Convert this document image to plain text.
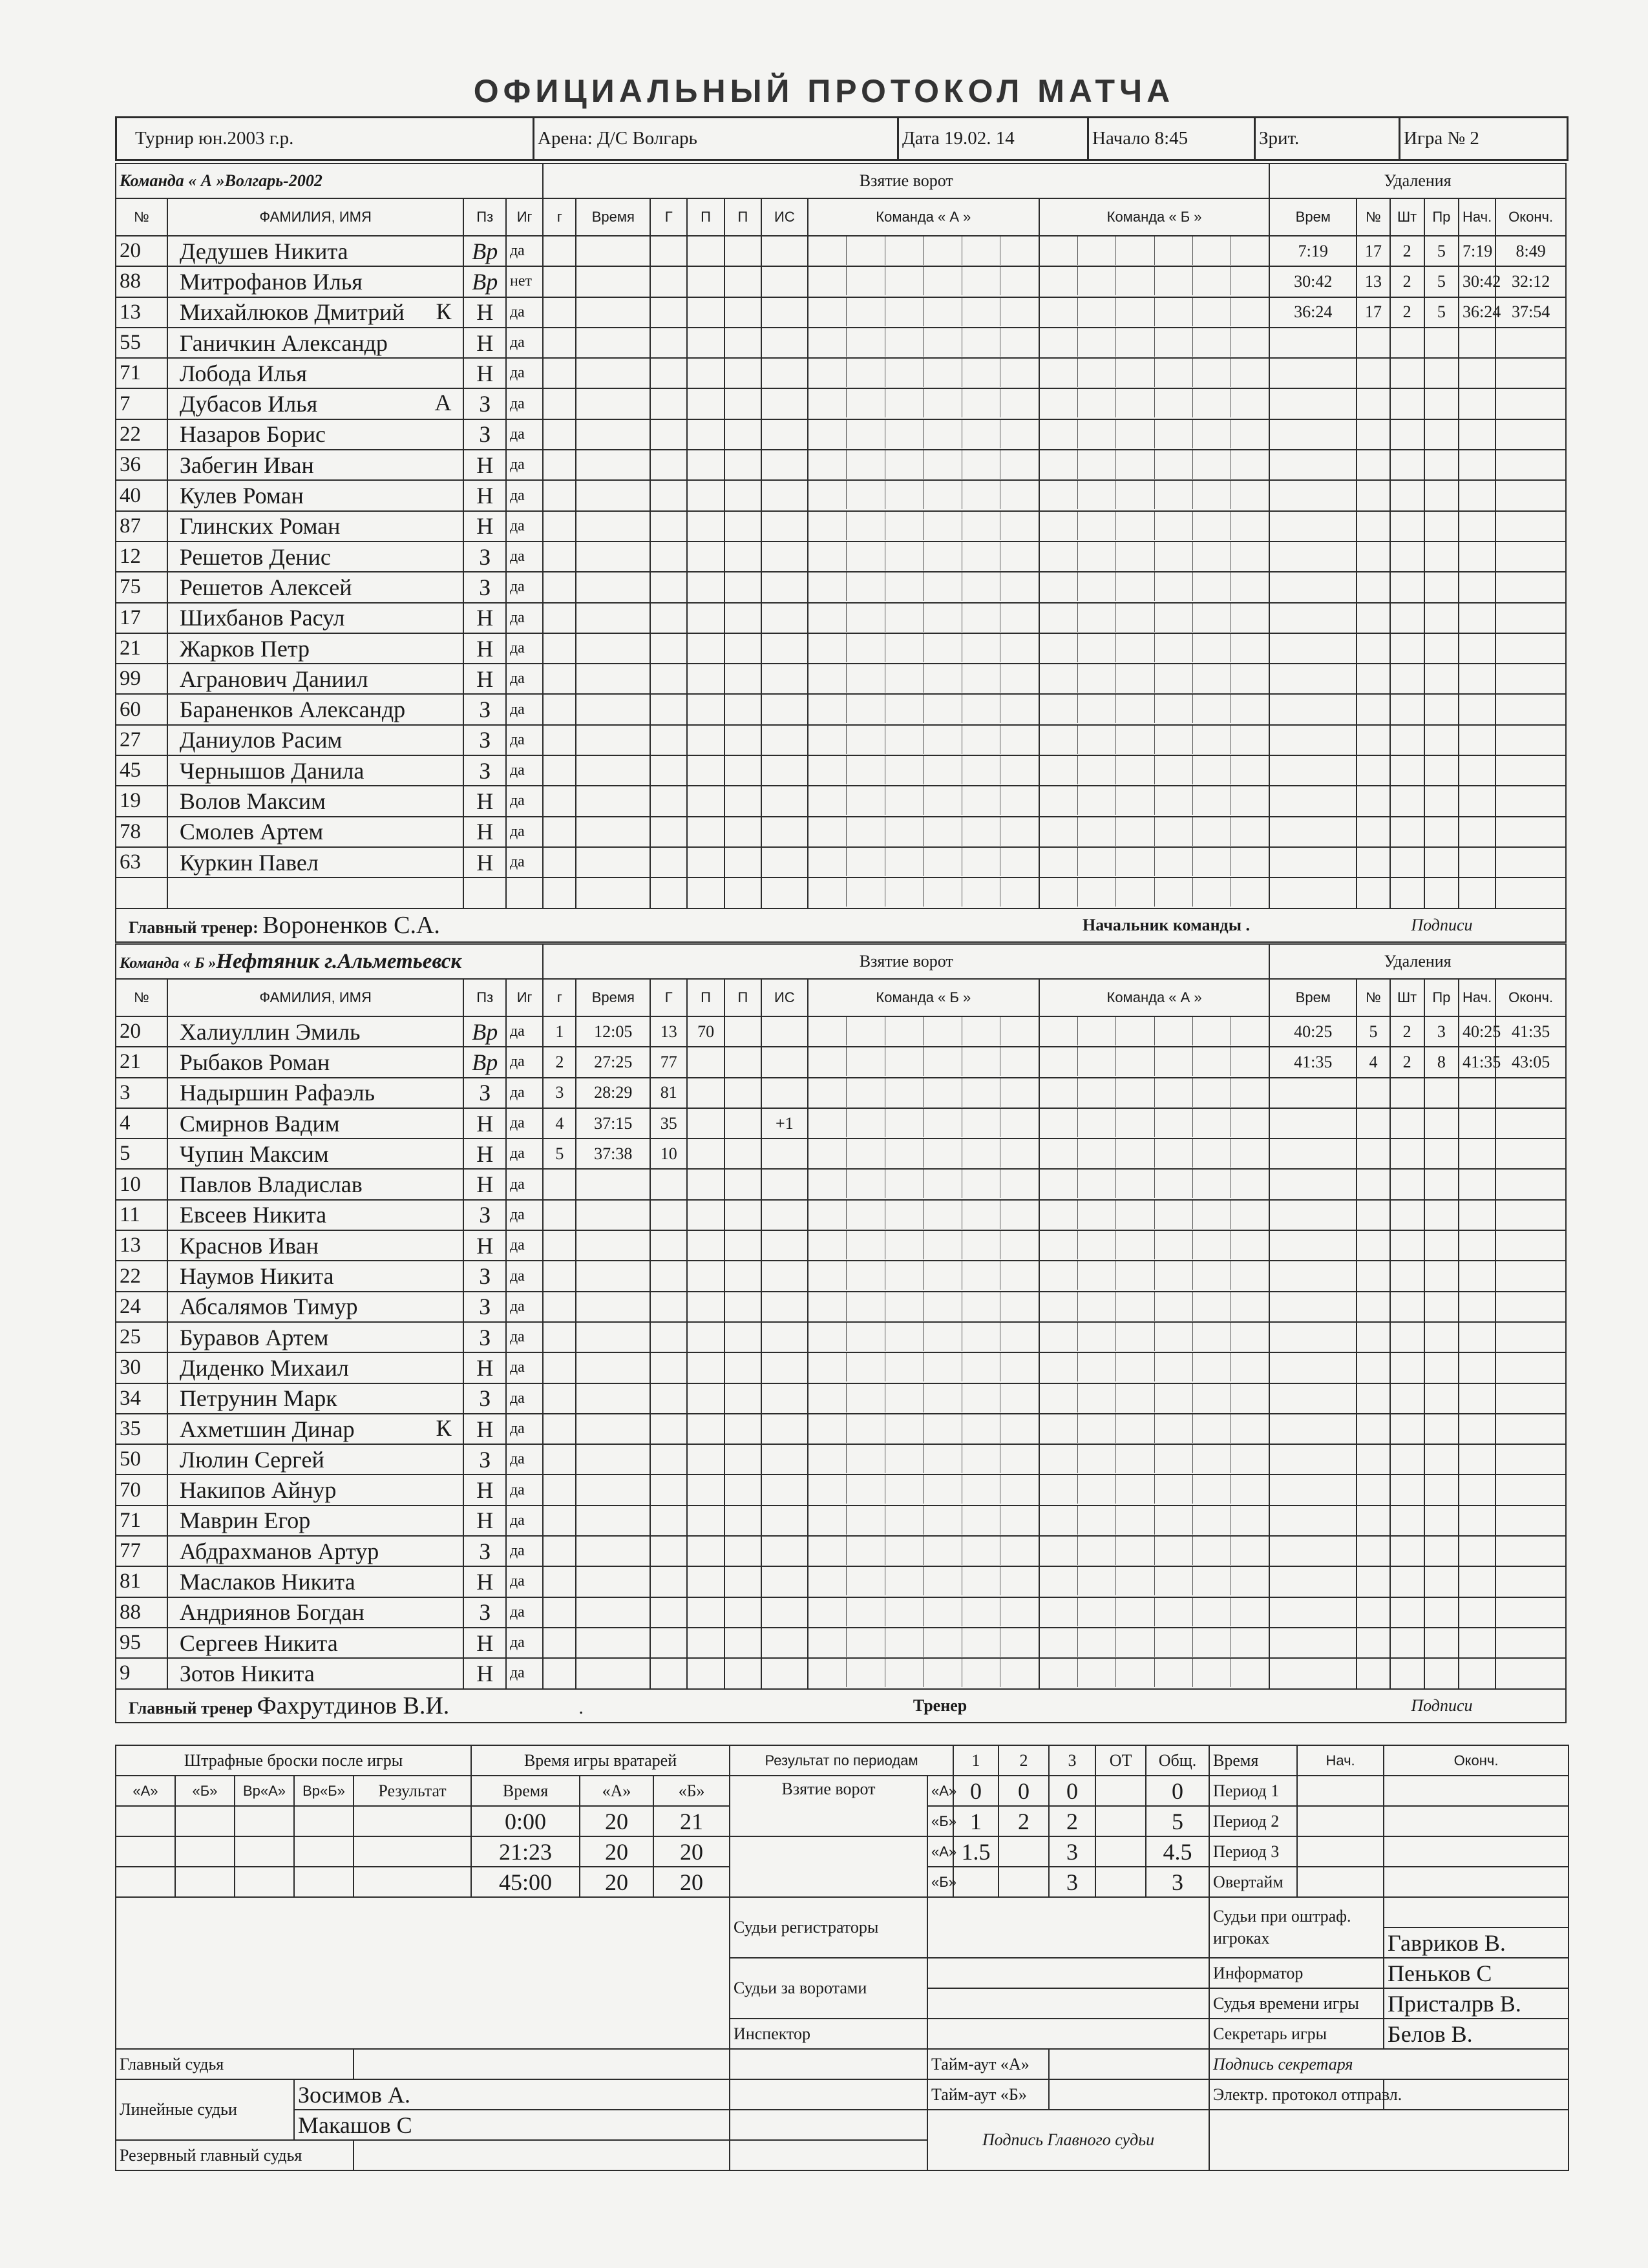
ОФИЦИАЛЬНЫЙ ПРОТОКОЛ МАТЧА
Турнир юн.2003 г.р.	Арена: Д/С Волгарь	Дата 19.02. 14	Начало 8:45	Зрит.	Игра № 2
Команда « А »Волгарь-2002				Взятие ворот								Удаления					
№	ФАМИЛИЯ, ИМЯ	Пз	Иг	г	Время	Г	П	П	ИС	Команда « А »	Команда « Б »	Врем	№	Шт	Пр	Нач.	Оконч.
20	Дедушев Никита	Вр	да									7:19	17	2	5	7:19	8:49
88	Митрофанов Илья	Вр	нет									30:42	13	2	5	30:42	32:12
13	Михайлюков Дмитрий К	Н	да									36:24	17	2	5	36:24	37:54
55	Ганичкин Александр	Н	да							

71	Лобода Илья	Н	да							

7	Дубасов Илья А	З	да							

22	Назаров Борис	З	да							

36	Забегин Иван	Н	да							

40	Кулев Роман	Н	да							

87	Глинских Роман	Н	да							

12	Решетов Денис	З	да							

75	Решетов Алексей	З	да							

17	Шихбанов Расул	Н	да							

21	Жарков Петр	Н	да							

99	Агранович Даниил	Н	да							

60	Бараненков Александр	З	да							

27	Даниулов Расим	З	да							

45	Чернышов Данила	З	да							

19	Волов Максим	Н	да							

78	Смолев Артем	Н	да							

63	Куркин Павел	Н	да							

Главный тренер: Вороненков С.А.										Начальник команды .			Подписи				
Команда « Б »Нефтяник г.Альметьевск				Взятие ворот								Удаления					
№	ФАМИЛИЯ, ИМЯ	Пз	Иг	г	Время	Г	П	П	ИС	Команда « Б »	Команда « А »	Врем	№	Шт	Пр	Нач.	Оконч.
20	Халиуллин Эмиль	Вр	да	1	12:05	13	70					40:25	5	2	3	40:25	41:35
21	Рыбаков Роман	Вр	да	2	27:25	77						41:35	4	2	8	41:35	43:05
3	Надыршин Рафаэль	З	да	3	28:29	81				

4	Смирнов Вадим	Н	да	4	37:15	35			+1	

5	Чупин Максим	Н	да	5	37:38	10				

10	Павлов Владислав	Н	да							

11	Евсеев Никита	З	да							

13	Краснов Иван	Н	да							

22	Наумов Никита	З	да							

24	Абсалямов Тимур	З	да							

25	Буравов Артем	З	да							

30	Диденко Михаил	Н	да							

34	Петрунин Марк	З	да							

35	Ахметшин Динар К	Н	да							

50	Люлин Сергей	З	да							

70	Накипов Айнур	Н	да							

71	Маврин Егор	Н	да							

77	Абдрахманов Артур	З	да							

81	Маслаков Никита	Н	да							

88	Андриянов Богдан	З	да							

95	Сергеев Никита	Н	да							

9	Зотов Никита	Н	да							

Главный тренер Фахрутдинов В.И. .										Тренер			Подписи				
Штрафные броски после игры					Время игры вратарей			Результат по периодам		1	2	3	ОТ	Общ.	Время	Нач.	Оконч.
«А»	«Б»	Вр«А»	Вр«Б»	Результат	Время	«А»	«Б»	Взятие ворот	«А»	0	0	0		0	Период 1		
					0:00	20	21		«Б»	1	2	2		5	Период 2		
					21:23	20	20		«А»	1.5		3		4.5	Период 3		
					45:00	20	20		«Б»			3		3	Овертайм		
								Судьи регистраторы							Судьи при оштраф. игроках		
																	Гавриков В.
								Судьи за воротами							Информатор		Пеньков С
															Судья времени игры		Присталрв В.
								Инспектор							Секретарь игры		Белов В.
Главный судья									Тайм-аут «А»						Подпись секретаря		
Линейные судьи			Зосимов А.						Тайм-аут «Б»						Электр. протокол отправл.		
			Макашов С						Подпись Главного судьи								
Резервный главный судья																	
